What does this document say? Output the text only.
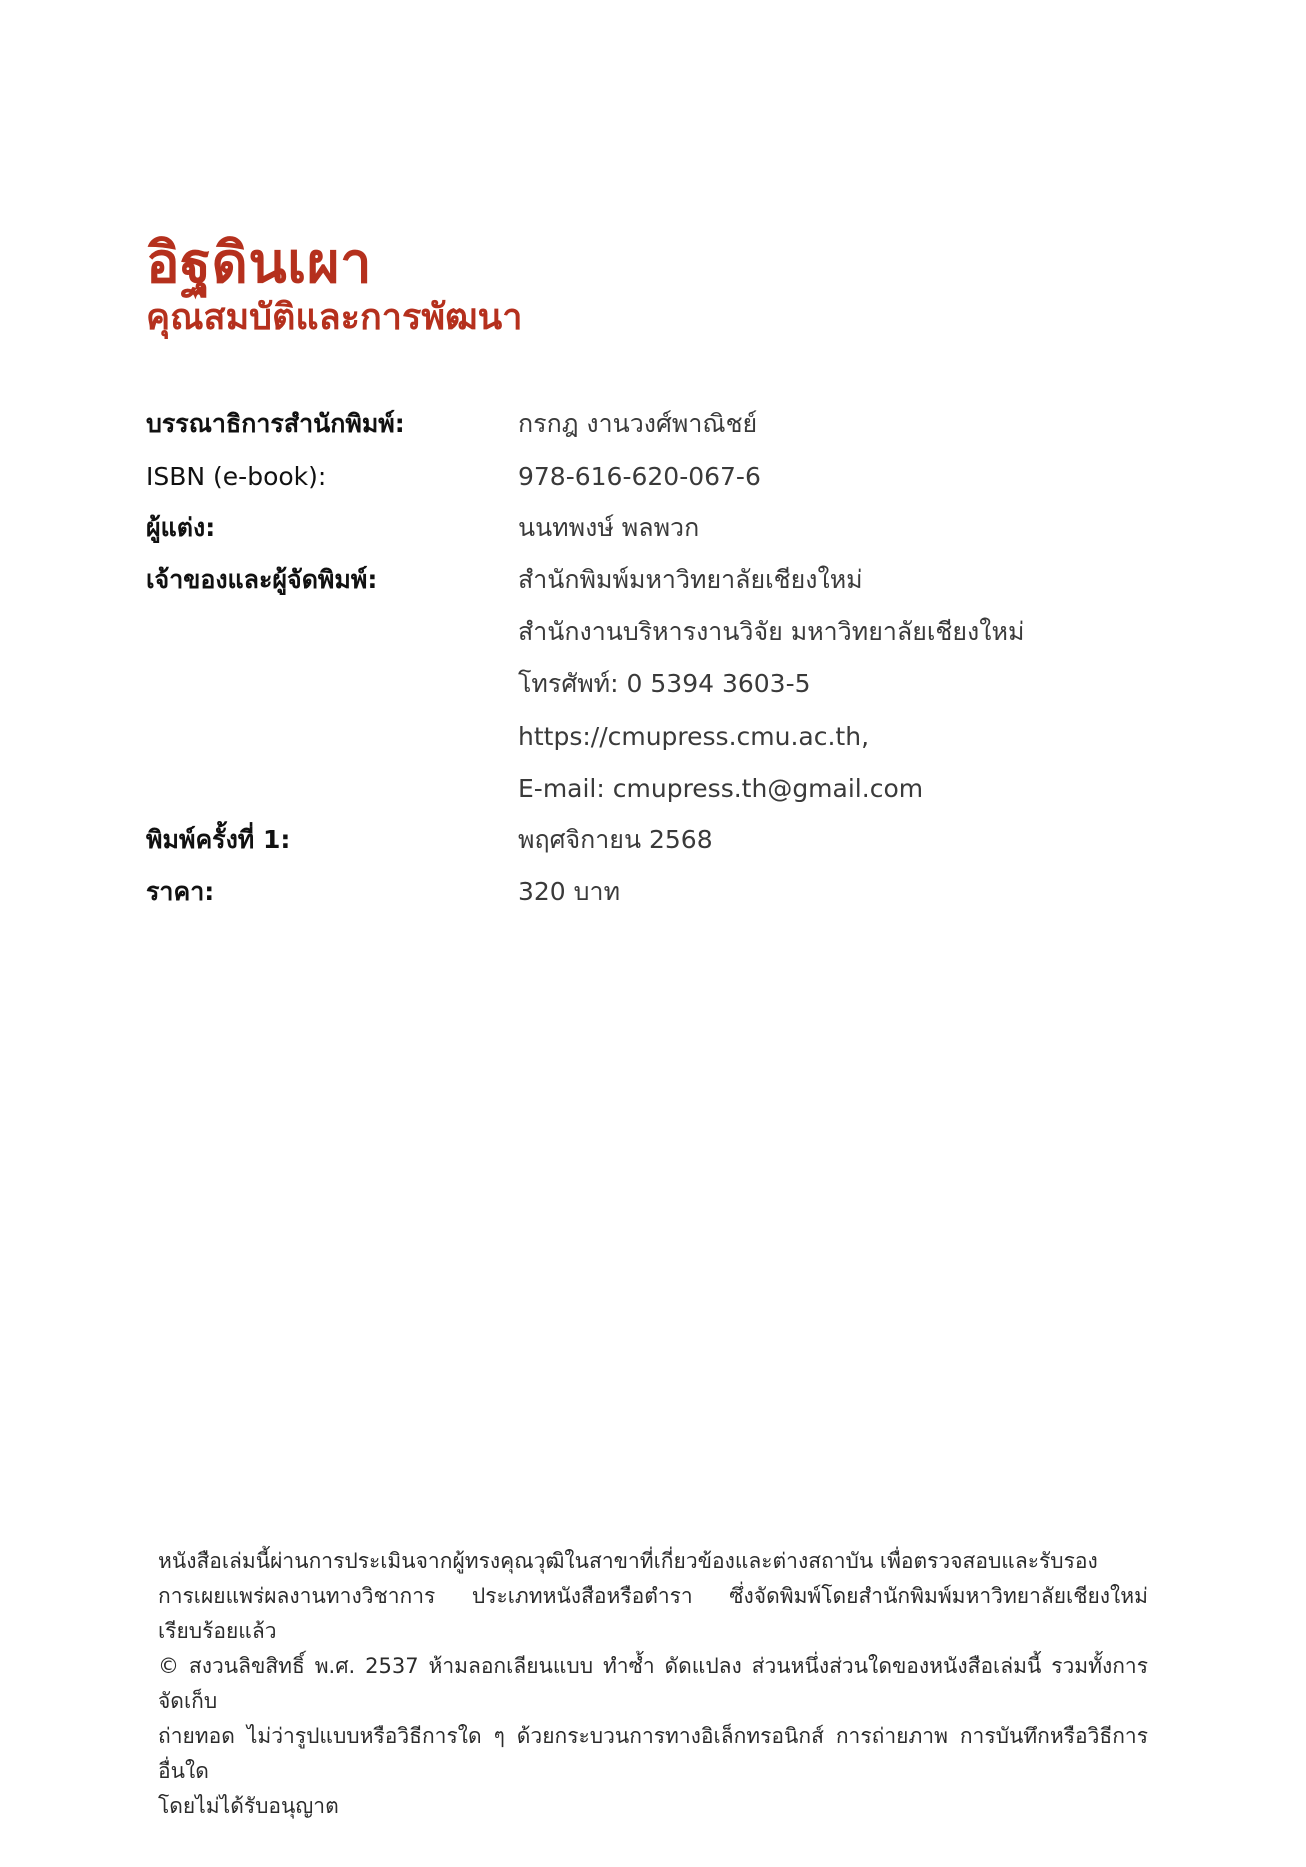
อิฐดินเผา
คุณสมบัติและการพัฒนา
บรรณาธิการสำนักพิมพ์:	กรกฎ งานวงศ์พาณิชย์
ISBN (e-book):	978-616-620-067-6
ผู้แต่ง:	นนทพงษ์ พลพวก
เจ้าของและผู้จัดพิมพ์:	สำนักพิมพ์มหาวิทยาลัยเชียงใหม่
สำนักงานบริหารงานวิจัย มหาวิทยาลัยเชียงใหม่
โทรศัพท์: 0 5394 3603-5
https://cmupress.cmu.ac.th,
E-mail: cmupress.th@gmail.com
พิมพ์ครั้งที่ 1:	พฤศจิกายน 2568
ราคา:	320 บาท

หนังสือเล่มนี้ผ่านการประเมินจากผู้ทรงคุณวุฒิในสาขาที่เกี่ยวข้องและต่างสถาบัน เพื่อตรวจสอบและรับรอง

การเผยแพร่ผลงานทางวิชาการ ประเภทหนังสือหรือตำรา ซึ่งจัดพิมพ์โดยสำนักพิมพ์มหาวิทยาลัยเชียงใหม่เรียบร้อยแล้ว

© สงวนลิขสิทธิ์ พ.ศ. 2537 ห้ามลอกเลียนแบบ ทำซ้ำ ดัดแปลง ส่วนหนึ่งส่วนใดของหนังสือเล่มนี้ รวมทั้งการจัดเก็บ

ถ่ายทอด ไม่ว่ารูปแบบหรือวิธีการใด ๆ ด้วยกระบวนการทางอิเล็กทรอนิกส์ การถ่ายภาพ การบันทึกหรือวิธีการอื่นใด

โดยไม่ได้รับอนุญาต
